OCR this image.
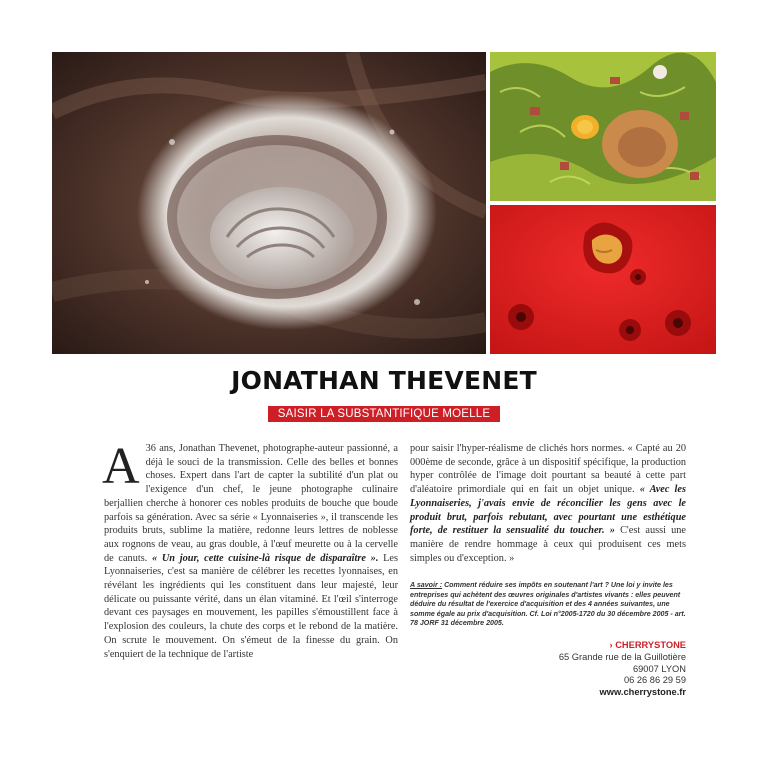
JONATHAN THEVENET
SAISIR LA SUBSTANTIFIQUE MOELLE

A 36 ans, Jonathan Thevenet, photographe-auteur passionné, a déjà le souci de la transmission. Celle des belles et bonnes choses. Expert dans l'art de capter la subtilité d'un plat ou l'exigence d'un chef, le jeune photographe culinaire berjallien cherche à honorer ces nobles produits de bouche que boude parfois sa génération. Avec sa série « Lyonnaiseries », il transcende les produits bruts, sublime la matière, redonne leurs lettres de noblesse aux rognons de veau, au gras double, à l'œuf meurette ou à la cervelle de canuts. « Un jour, cette cuisine-là risque de disparaître ». Les Lyonnaiseries, c'est sa manière de célébrer les recettes lyonnaises, en révélant les ingrédients qui les constituent dans leur majesté, leur délicate ou puissante vérité, dans un élan vitaminé. Et l'œil s'interroge devant ces paysages en mouvement, les papilles s'émoustillent face à l'explosion des couleurs, la chute des corps et le rebond de la matière. On scrute le mouvement. On s'émeut de la finesse du grain. On s'enquiert de la technique de l'artiste

pour saisir l'hyper-réalisme de clichés hors normes. « Capté au 20 000ème de seconde, grâce à un dispositif spécifique, la production hyper contrôlée de l'image doit pourtant sa beauté à cette part d'aléatoire primordiale qui en fait un objet unique. « Avec les Lyonnaiseries, j'avais envie de réconcilier les gens avec le produit brut, parfois rebutant, avec pourtant une esthétique forte, de restituer la sensualité du toucher. » C'est aussi une manière de rendre hommage à ceux qui produisent ces mets simples ou d'exception. »

A savoir : Comment réduire ses impôts en soutenant l'art ? Une loi y invite les entreprises qui achètent des œuvres originales d'artistes vivants : elles peuvent déduire du résultat de l'exercice d'acquisition et des 4 années suivantes, une somme égale au prix d'acquisition. Cf. Loi n°2005-1720 du 30 décembre 2005 - art. 78 JORF 31 décembre 2005.
› CHERRYSTONE
65 Grande rue de la Guillotière
69007 LYON
06 26 86 29 59
www.cherrystone.fr
